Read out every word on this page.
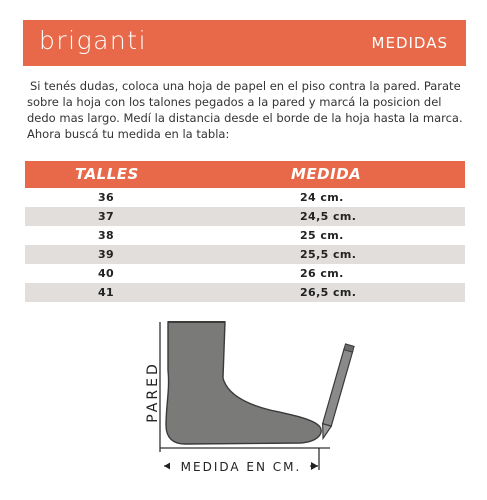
briganti	MEDIDAS
Si tenés dudas, coloca una hoja de papel en el piso contra la pared. Parate sobre la hoja con los talones pegados a la pared y marcá la posicion del dedo mas largo. Medí la distancia desde el borde de la hoja hasta la marca. Ahora buscá tu medida en la tabla:
TALLES	MEDIDA
36	24 cm.
37	24,5 cm.
38	25 cm.
39	25,5 cm.
40	26 cm.
41	26,5 cm.
PARED
MEDIDA EN CM.
